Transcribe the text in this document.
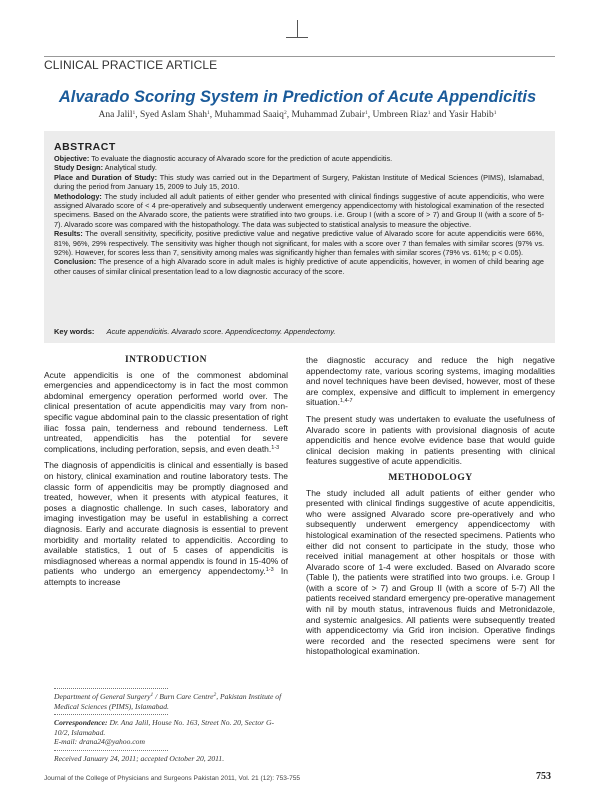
CLINICAL PRACTICE ARTICLE
Alvarado Scoring System in Prediction of Acute Appendicitis
Ana Jalil$^1$, Syed Aslam Shah$^1$, Muhammad Saaiq$^2$, Muhammad Zubair$^1$, Umbreen Riaz$^1$ and Yasir Habib$^1$
ABSTRACT

Objective: To evaluate the diagnostic accuracy of Alvarado score for the prediction of acute appendicitis.

Study Design: Analytical study.

Place and Duration of Study: This study was carried out in the Department of Surgery, Pakistan Institute of Medical Sciences (PIMS), Islamabad, during the period from January 15, 2009 to July 15, 2010.

Methodology: The study included all adult patients of either gender who presented with clinical findings suggestive of acute appendicitis, who were assigned Alvarado score of < 4 pre-operatively and subsequently underwent emergency appendicectomy with histological examination of the resected specimens. Based on the Alvarado score, the patients were stratified into two groups. i.e. Group I (with a score of > 7) and Group II (with a score of 5-7). Alvarado score was compared with the histopathology. The data was subjected to statistical analysis to measure the objective.

Results: The overall sensitivity, specificity, positive predictive value and negative predictive value of Alvarado score for acute appendicitis were 66%, 81%, 96%, 29% respectively. The sensitivity was higher though not significant, for males with a score over 7 than females with similar scores (97% vs. 92%). However, for scores less than 7, sensitivity among males was significantly higher than females with similar scores (79% vs. 61%; p < 0.05).

Conclusion: The presence of a high Alvarado score in adult males is highly predictive of acute appendicitis, however, in women of child bearing age other causes of similar clinical presentation lead to a low diagnostic accuracy of the score.

Key words: Acute appendicitis. Alvarado score. Appendicectomy. Appendectomy.
INTRODUCTION

Acute appendicitis is one of the commonest abdominal emergencies and appendicectomy is in fact the most common abdominal emergency operation performed world over. The clinical presentation of acute appendicitis may vary from non-specific vague abdominal pain to the classic presentation of right iliac fossa pain, tenderness and rebound tenderness. Left untreated, appendicitis has the potential for severe complications, including perforation, sepsis, and even death.$^{1-3}$

The diagnosis of appendicitis is clinical and essentially is based on history, clinical examination and routine laboratory tests. The classic form of appendicitis may be promptly diagnosed and treated, however, when it presents with atypical features, it poses a diagnostic challenge. In such cases, laboratory and imaging investigation may be useful in establishing a correct diagnosis. Early and accurate diagnosis is essential to prevent morbidity and mortality related to appendicitis. According to available statistics, 1 out of 5 cases of appendicitis is misdiagnosed whereas a normal appendix is found in 15-40% of patients who undergo an emergency appendectomy.$^{1-3}$ In attempts to increase

Department of General Surgery$^1$ / Burn Care Centre$^2$, Pakistan Institute of Medical Sciences (PIMS), Islamabad.
Correspondence: Dr. Ana Jalil, House No. 163, Street No. 20, Sector G-10/2, Islamabad.
E-mail: drana24@yahoo.com
Received January 24, 2011; accepted October 20, 2011.

the diagnostic accuracy and reduce the high negative appendectomy rate, various scoring systems, imaging modalities and novel techniques have been devised, however, most of these are complex, expensive and difficult to implement in emergency situation.$^{1,4-7}$

The present study was undertaken to evaluate the usefulness of Alvarado score in patients with provisional diagnosis of acute appendicitis and hence evolve evidence base that would guide clinical decision making in patients presenting with clinical features suggestive of acute appendicitis.

METHODOLOGY

The study included all adult patients of either gender who presented with clinical findings suggestive of acute appendicitis, who were assigned Alvarado score pre-operatively and who subsequently underwent emergency appendicectomy with histological examination of the resected specimens. Patients who either did not consent to participate in the study, those who received initial management at other hospitals or those with Alvarado score of 1-4 were excluded. Based on Alvarado score (Table I), the patients were stratified into two groups. i.e. Group I (with a score of > 7) and Group II (with a score of 5-7) All the patients received standard emergency pre-operative management with nil by mouth status, intravenous fluids and Metronidazole, and systemic analgesics. All patients were subsequently treated with appendicectomy via Grid iron incision. Operative findings were recorded and the resected specimens were sent for histopathological examination.

Journal of the College of Physicians and Surgeons Pakistan 2011, Vol. 21 (12): 753-755	753
